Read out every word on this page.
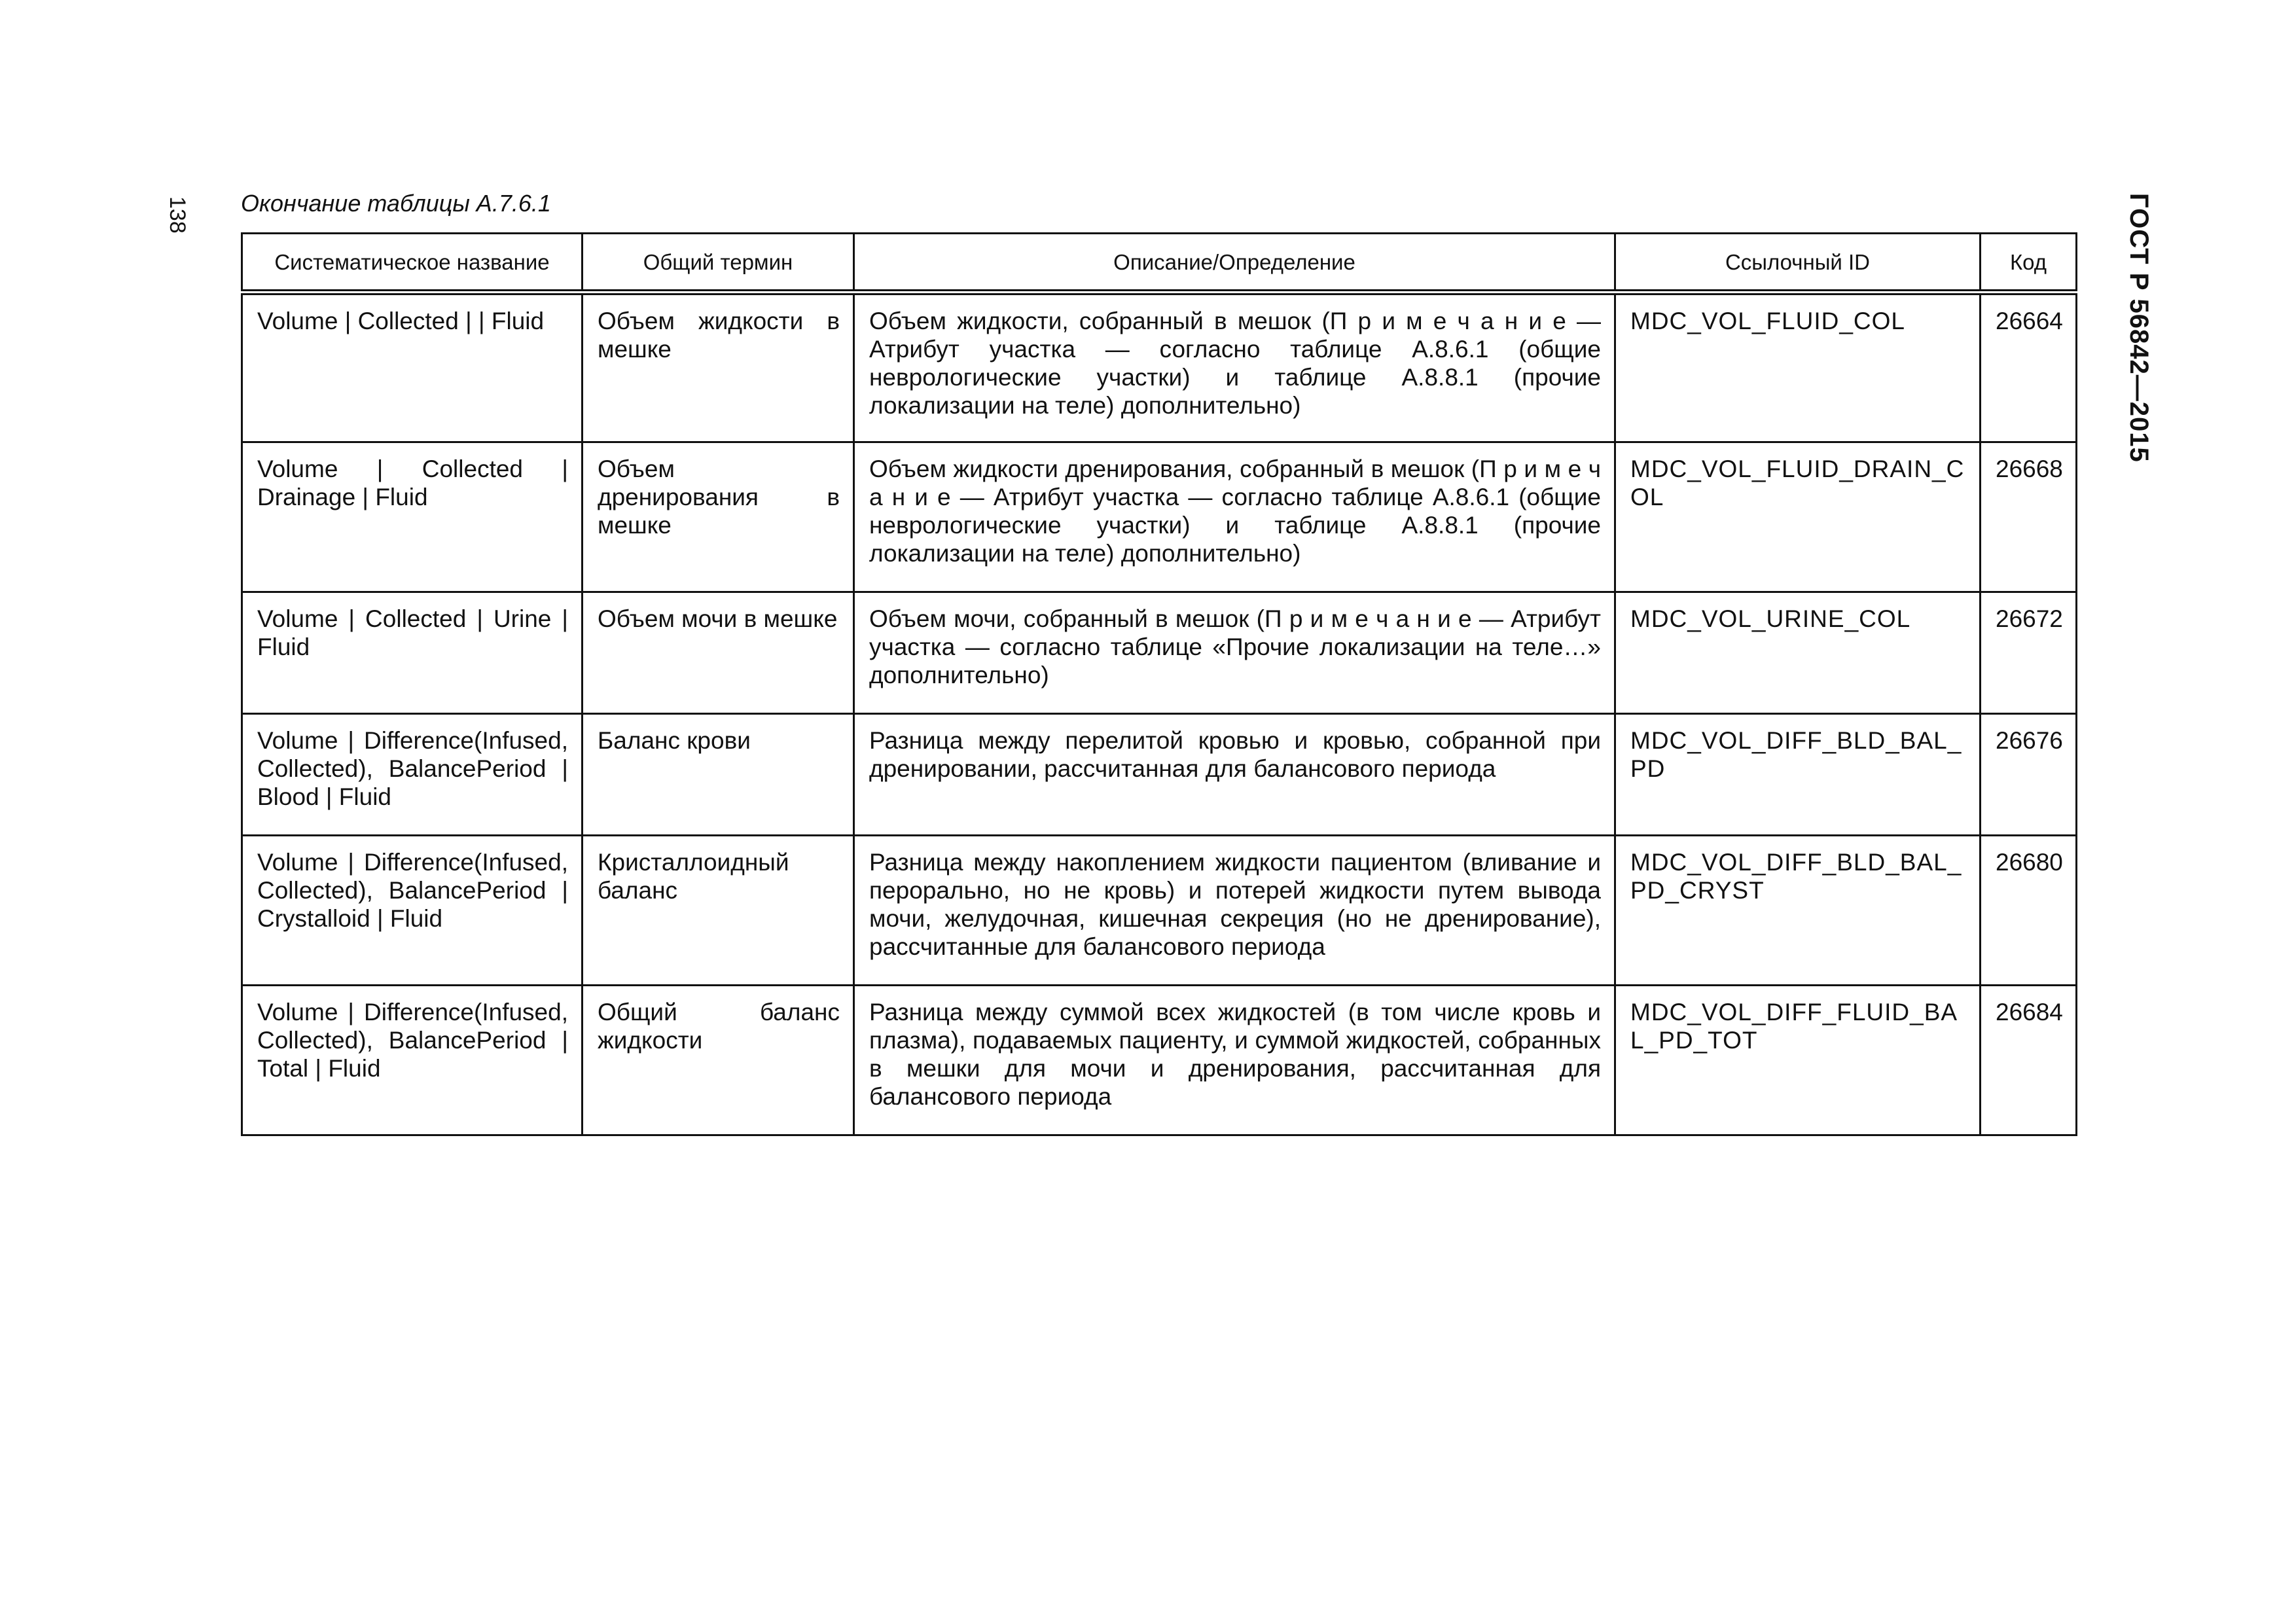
138	ГОСТ Р 56842—2015
Окончание таблицы А.7.6.1
Систематическое название	Общий термин	Описание/Определение	Ссылочный ID	Код
Volume | Collected | | Fluid	Объем жидкости в мешке	Объем жидкости, собранный в мешок (П р и м е ч а н и е — Атрибут участка — согласно таблице А.8.6.1 (общие неврологические участки) и таблице А.8.8.1 (прочие локализации на теле) дополнительно)	MDC_VOL_FLUID_COL	26664
Volume | Collected | Drainage | Fluid	Объем дренирования в мешке	Объем жидкости дренирования, собранный в мешок (П р и м е ч а н и е — Атрибут участка — согласно таблице А.8.6.1 (общие неврологические участки) и таблице А.8.8.1 (прочие локализации на теле) дополнительно)	MDC_VOL_FLUID_DRAIN_COL	26668
Volume | Collected | Urine | Fluid	Объем мочи в мешке	Объем мочи, собранный в мешок (П р и м е ч а н и е — Атрибут участка — согласно таблице «Прочие локализации на теле…» дополнительно)	MDC_VOL_URINE_COL	26672
Volume | Difference(Infused, Collected), BalancePeriod | Blood | Fluid	Баланс крови	Разница между перелитой кровью и кровью, собранной при дренировании, рассчитанная для балансового периода	MDC_VOL_DIFF_BLD_BAL_PD	26676
Volume | Difference(Infused, Collected), BalancePeriod | Crystalloid | Fluid	Кристаллоидный баланс	Разница между накоплением жидкости пациентом (вливание и перорально, но не кровь) и потерей жидкости путем вывода мочи, желудочная, кишечная секреция (но не дренирование), рассчитанные для балансового периода	MDC_VOL_DIFF_BLD_BAL_PD_CRYST	26680
Volume | Difference(Infused, Collected), BalancePeriod | Total | Fluid	Общий баланс жидкости	Разница между суммой всех жидкостей (в том числе кровь и плазма), подаваемых пациенту, и суммой жидкостей, собранных в мешки для мочи и дренирования, рассчитанная для балансового периода	MDC_VOL_DIFF_FLUID_BAL_PD_TOT	26684
